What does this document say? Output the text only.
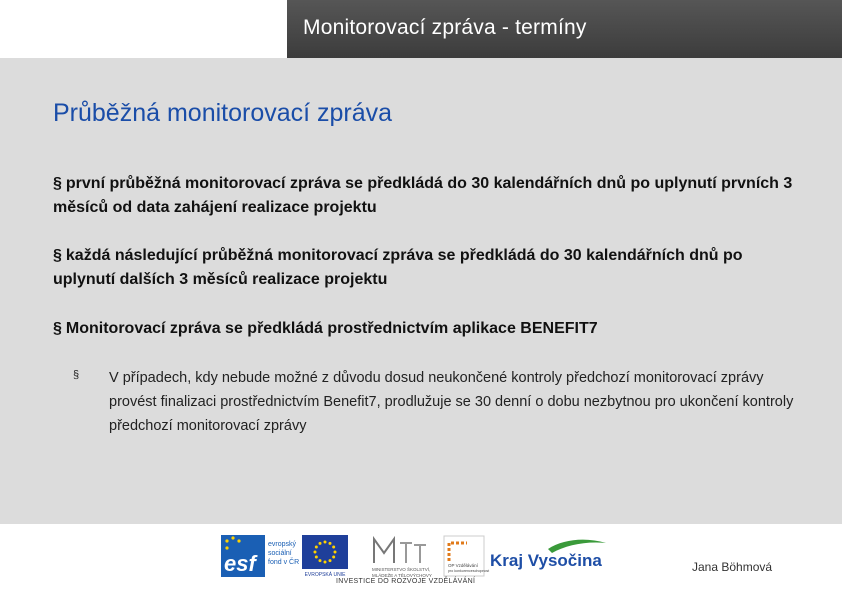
Monitorovací zpráva - termíny
Průběžná monitorovací zpráva
§ první průběžná monitorovací zpráva se předkládá do 30 kalendářních dnů po uplynutí prvních 3 měsíců od data zahájení realizace projektu
§ každá následující průběžná monitorovací zpráva se předkládá do 30 kalendářních dnů po uplynutí dalších 3 měsíců realizace projektu
§ Monitorovací zpráva se předkládá prostřednictvím aplikace BENEFIT7
§ V případech, kdy nebude možné z důvodu dosud neukončené kontroly předchozí monitorovací zprávy provést finalizaci prostřednictvím Benefit7, prodlužuje se 30 denní o dobu nezbytnou pro ukončení kontroly předchozí monitorovací zprávy
esf
evropský
sociální
fond v ČR
EVROPSKÁ UNIE
MINISTERSTVO ŠKOLSTVÍ,
MLÁDEŽE A TĚLOVÝCHOVY
OP Vzdělávání
pro konkurenceschopnost
Kraj Vysočina
INVESTICE DO ROZVOJE VZDĚLÁVÁNÍ
Jana Böhmová
